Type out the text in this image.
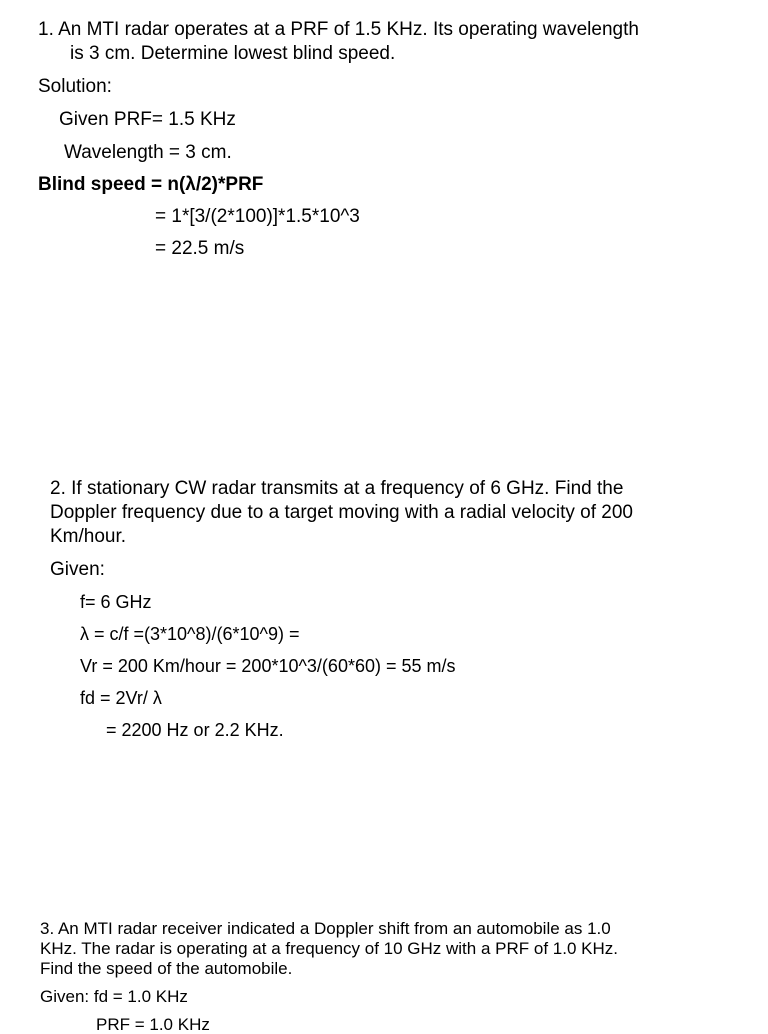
1. An MTI radar operates at a PRF of 1.5 KHz. Its operating wavelength

is 3 cm. Determine lowest blind speed.

Solution:

Given PRF= 1.5 KHz

Wavelength = 3 cm.

Blind speed = n(λ/2)*PRF

= 1*[3/(2*100)]*1.5*10^3

= 22.5 m/s

2. If stationary CW radar transmits at a frequency of 6 GHz. Find the

Doppler frequency due to a target moving with a radial velocity of 200

Km/hour.

Given:

f= 6 GHz

λ = c/f =(3*10^8)/(6*10^9) =

Vr = 200 Km/hour = 200*10^3/(60*60) = 55 m/s

fd = 2Vr/ λ

= 2200 Hz or 2.2 KHz.

3. An MTI radar receiver indicated a Doppler shift from an automobile as 1.0

KHz. The radar is operating at a frequency of 10 GHz with a PRF of 1.0 KHz.

Find the speed of the automobile.

Given: fd = 1.0 KHz

PRF = 1.0 KHz
